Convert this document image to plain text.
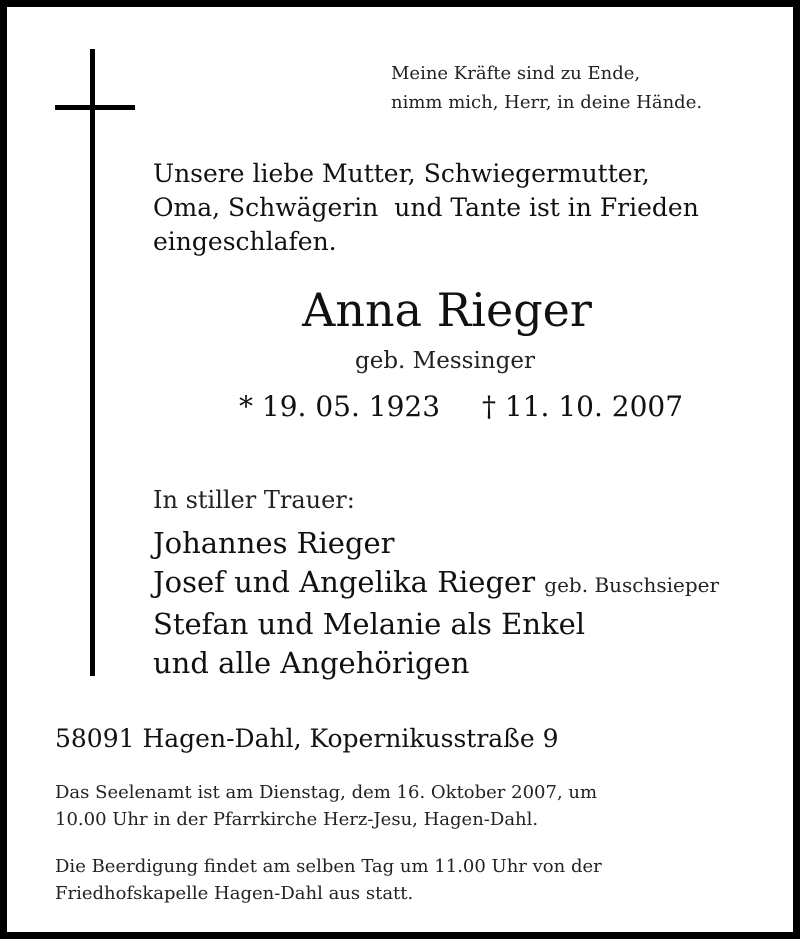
Meine Kräfte sind zu Ende,
nimm mich, Herr, in deine Hände.
Unsere liebe Mutter, Schwiegermutter,
Oma, Schwägerin  und Tante ist in Frieden
eingeschlafen.
Anna Rieger
geb. Messinger
* 19. 05. 1923 † 11. 10. 2007
In stiller Trauer:
Johannes Rieger
Josef und Angelika Rieger geb. Buschsieper
Stefan und Melanie als Enkel
und alle Angehörigen
58091 Hagen-Dahl, Kopernikusstraße 9
Das Seelenamt ist am Dienstag, dem 16. Oktober 2007, um
10.00 Uhr in der Pfarrkirche Herz-Jesu, Hagen-Dahl.
Die Beerdigung findet am selben Tag um 11.00 Uhr von der
Friedhofskapelle Hagen-Dahl aus statt.
